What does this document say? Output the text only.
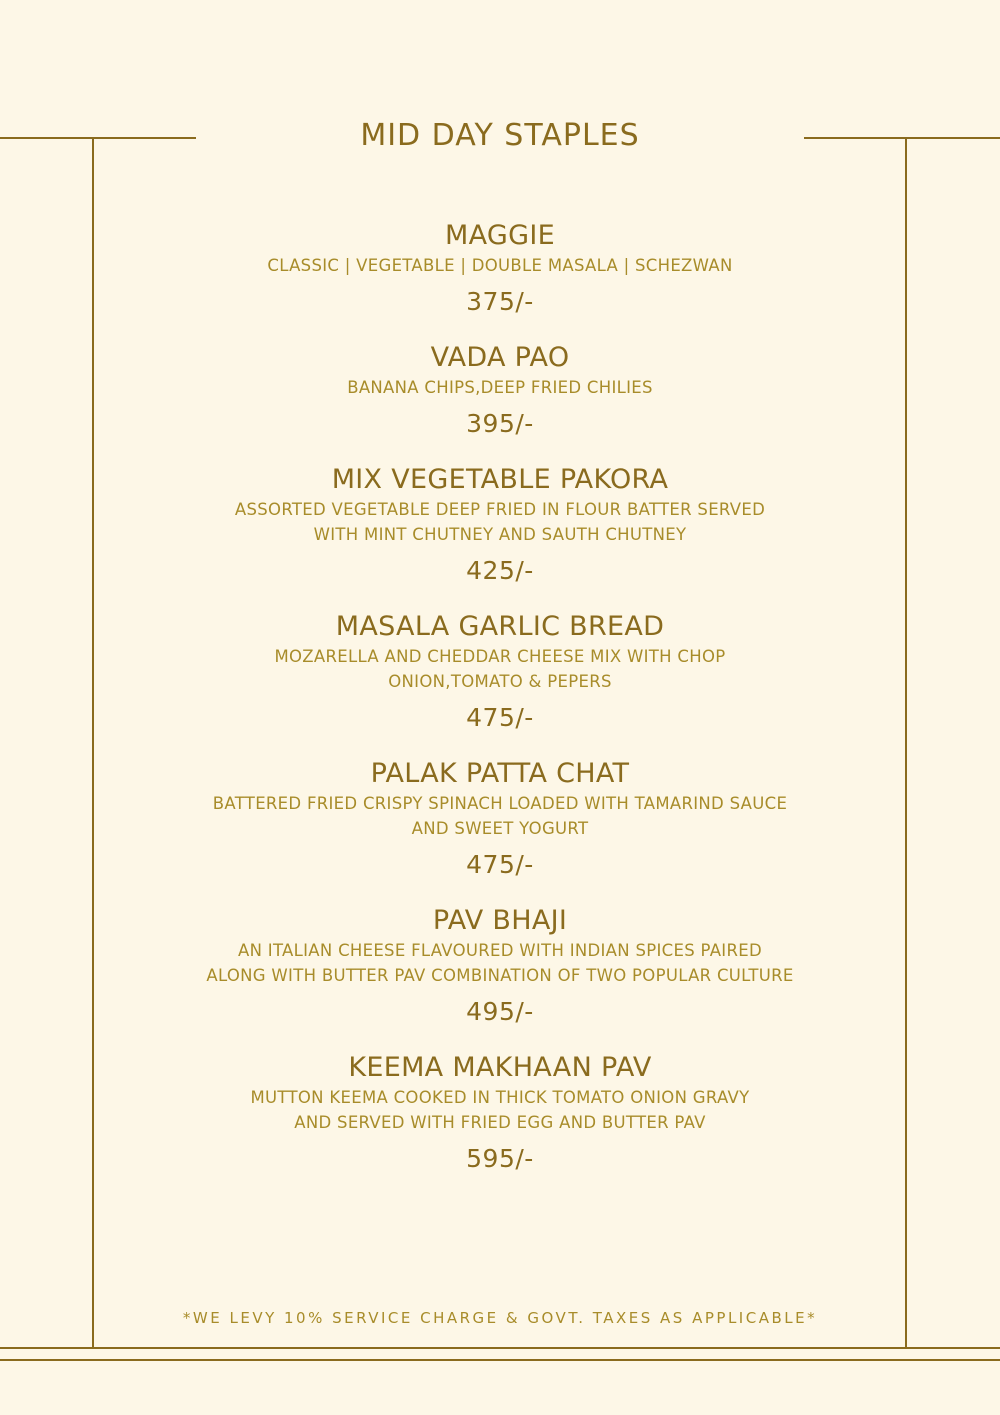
MID DAY STAPLES
MAGGIE
CLASSIC | VEGETABLE | DOUBLE MASALA | SCHEZWAN
375/-
VADA PAO
BANANA CHIPS,DEEP FRIED CHILIES
395/-
MIX VEGETABLE PAKORA
ASSORTED VEGETABLE DEEP FRIED IN FLOUR BATTER SERVED
WITH MINT CHUTNEY AND SAUTH CHUTNEY
425/-
MASALA GARLIC BREAD
MOZARELLA AND CHEDDAR CHEESE MIX WITH CHOP
ONION,TOMATO & PEPERS
475/-
PALAK PATTA CHAT
BATTERED FRIED CRISPY SPINACH LOADED WITH TAMARIND SAUCE
AND SWEET YOGURT
475/-
PAV BHAJI
AN ITALIAN CHEESE FLAVOURED WITH INDIAN SPICES PAIRED
ALONG WITH BUTTER PAV COMBINATION OF TWO POPULAR CULTURE
495/-
KEEMA MAKHAAN PAV
MUTTON KEEMA COOKED IN THICK TOMATO ONION GRAVY
AND SERVED WITH FRIED EGG AND BUTTER PAV
595/-
*WE LEVY 10% SERVICE CHARGE & GOVT. TAXES AS APPLICABLE*
